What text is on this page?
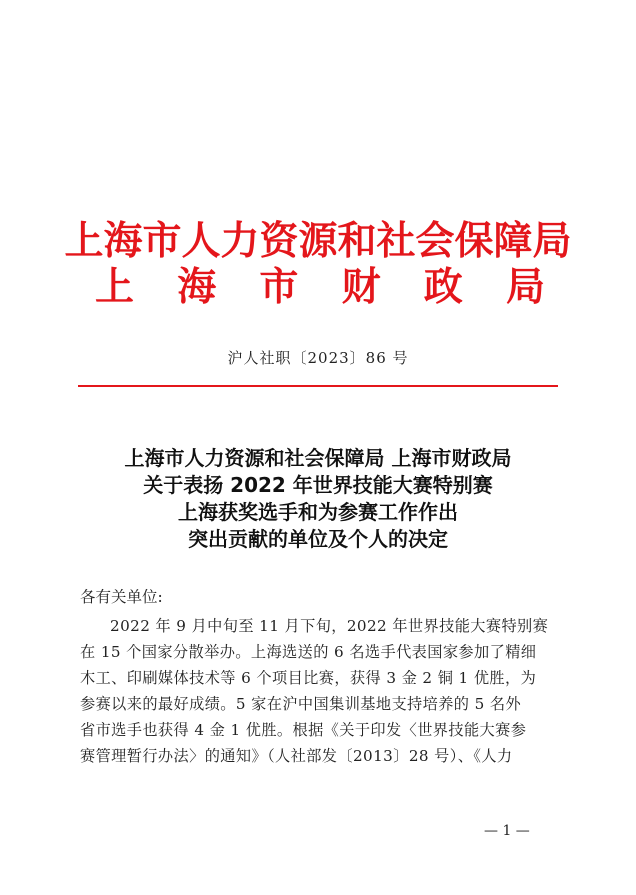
上海市人力资源和社会保障局
上 海 市 财 政 局
沪人社职〔2023〕86 号
上海市人力资源和社会保障局 上海市财政局
关于表扬 2022 年世界技能大赛特别赛
上海获奖选手和为参赛工作作出
突出贡献的单位及个人的决定
各有关单位:
2022 年 9 月中旬至 11 月下旬，2022 年世界技能大赛特别赛
在 15 个国家分散举办。上海选送的 6 名选手代表国家参加了精细
木工、印刷媒体技术等 6 个项目比赛，获得 3 金 2 铜 1 优胜，为
参赛以来的最好成绩。5 家在沪中国集训基地支持培养的 5 名外
省市选手也获得 4 金 1 优胜。根据《关于印发〈世界技能大赛参
赛管理暂行办法〉的通知》（人社部发〔2013〕28 号）、《人力
— 1 —
